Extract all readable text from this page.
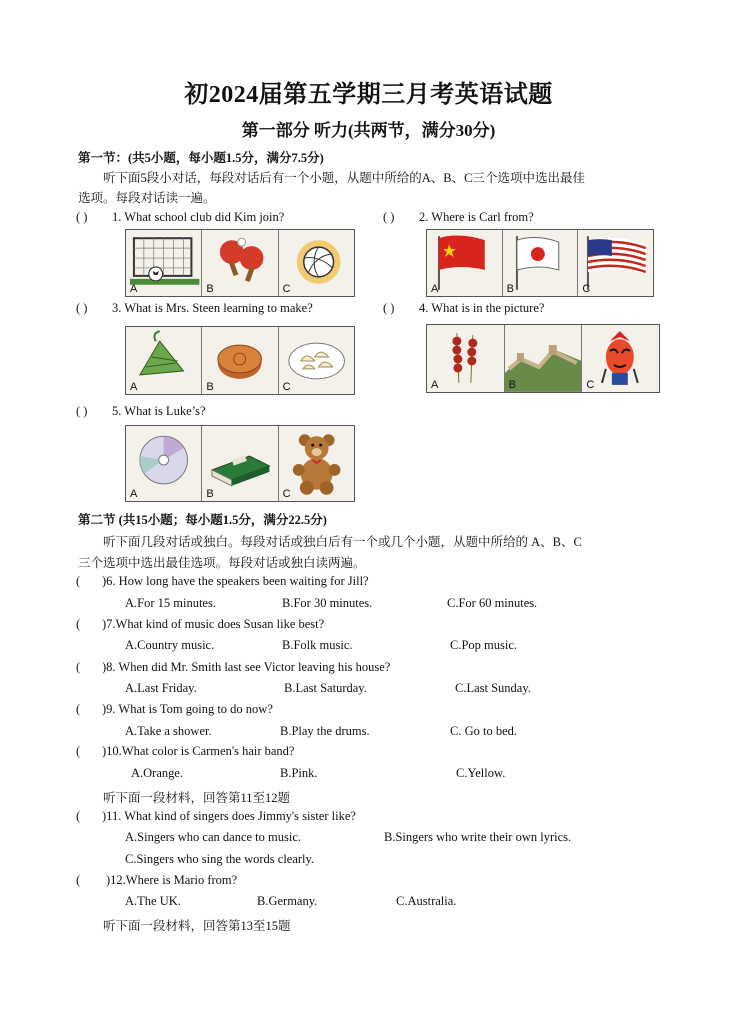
初2024届第五学期三月考英语试题
第一部分 听力(共两节，满分30分)
第一节：(共5小题，每小题1.5分，满分7.5分)
听下面5段小对话，每段对话后有一个小题，从题中所给的A、B、C三个选项中选出最佳
选项。每段对话读一遍。
( ) 1. What school club did Kim join?
A	B	C
( ) 2. Where is Carl from?
A	B	C
( ) 3. What is Mrs. Steen learning to make?
A	B	C
( ) 4. What is in the picture?
A	B	C
( ) 5. What is Luke’s?
A	B	C
第二节 (共15小题；每小题1.5分，满分22.5分)
听下面几段对话或独白。每段对话或独白后有一个或几个小题，从题中所给的 A、B、C
三个选项中选出最佳选项。每段对话或独白读两遍。
( )6. How long have the speakers been waiting for Jill?
A.For 15 minutes.	B.For 30 minutes.	C.For 60 minutes.
( )7.What kind of music does Susan like best?
A.Country music.	B.Folk music.	C.Pop music.
( )8. When did Mr. Smith last see Victor leaving his house?
A.Last Friday.	B.Last Saturday.	C.Last Sunday.
( )9. What is Tom going to do now?
A.Take a shower.	B.Play the drums.	C. Go to bed.
( )10.What color is Carmen's hair band?
A.Orange.	B.Pink.	C.Yellow.
听下面一段材料，回答第11至12题
( )11. What kind of singers does Jimmy's sister like?
A.Singers who can dance to music.	B.Singers who write their own lyrics.
C.Singers who sing the words clearly.
( )12.Where is Mario from?
A.The UK.	B.Germany.	C.Australia.
听下面一段材料，回答第13至15题
